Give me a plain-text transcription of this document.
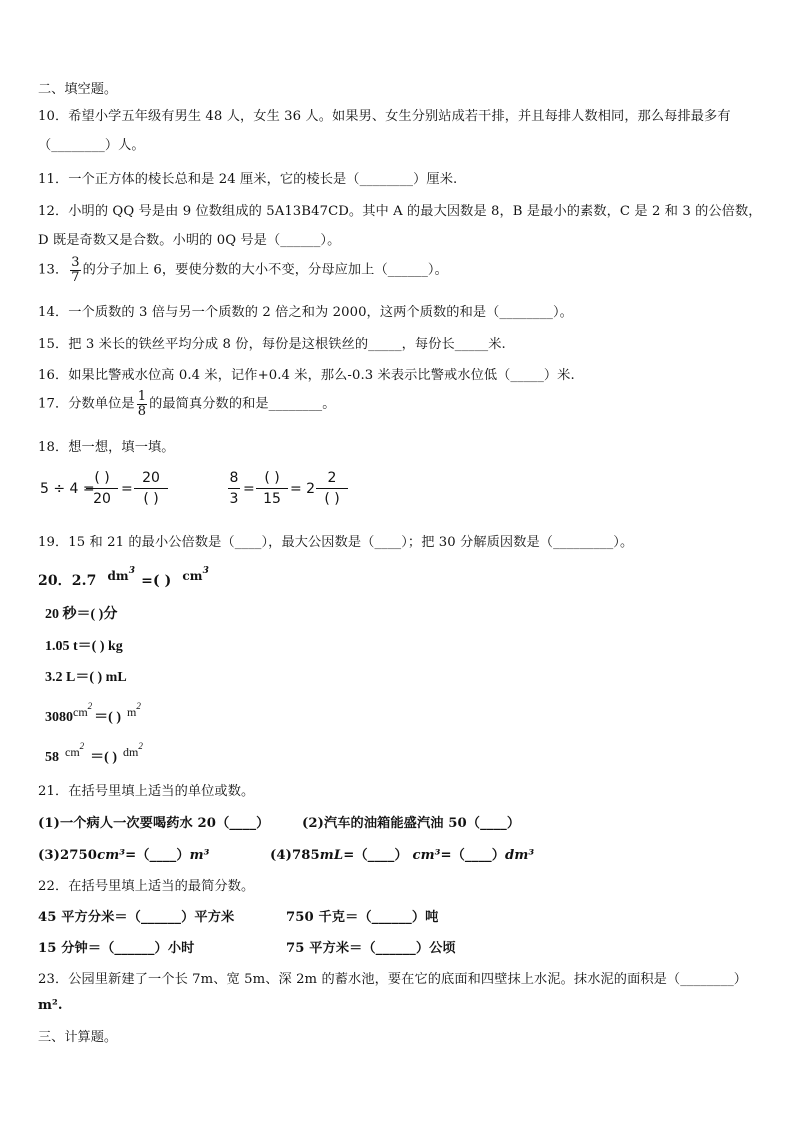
二、填空题。
10．希望小学五年级有男生 48 人，女生 36 人。如果男、女生分别站成若干排，并且每排人数相同，那么每排最多有
（________）人。
11．一个正方体的棱长总和是 24 厘米，它的棱长是（________）厘米.
12．小明的 QQ 号是由 9 位数组成的 5A13B47CD。其中 A 的最大因数是 8，B 是最小的素数，C 是 2 和 3 的公倍数，
D 既是奇数又是合数。小明的 0Q 号是（______）。
13． $\frac{3}{7}$ 的分子加上 6，要使分数的大小不变，分母应加上（______）。
14．一个质数的 3 倍与另一个质数的 2 倍之和为 2000，这两个质数的和是（________）。
15．把 3 米长的铁丝平均分成 8 份，每份是这根铁丝的_____，每份长_____米.
16．如果比警戒水位高 0.4 米，记作+0.4 米，那么-0.3 米表示比警戒水位低（_____）米.
17．分数单位是 $\frac{1}{8}$ 的最简真分数的和是________。
18．想一想，填一填。
5 ÷ 4 =
( )
20
=
20
( )	$\frac{8}{3}$ =
( )
15
= 2
2
( )
19．15 和 21 的最小公倍数是（____），最大公因数是（____）；把 30 分解质因数是（_________）。
20．2.7 $dm^3=$( ) $cm^3$
20 秒＝( )分
1.05 t＝( ) kg
3.2 L＝( ) mL
$3080cm^2=$( ) $m^2$
58 $cm^2=$( ) $dm^2$
21．在括号里填上适当的单位或数。
(1)一个病人一次要喝药水 20（____） (2)汽车的油箱能盛汽油 50（____）
(3)2750cm³=（____）m³	(4)785mL=（____） cm³=（____）dm³
22．在括号里填上适当的最简分数。
45 平方分米＝（______）平方米	750 千克＝（______）吨
15 分钟＝（______）小时	75 平方米＝（______）公顷
23．公园里新建了一个长 7m、宽 5m、深 2m 的蓄水池，要在它的底面和四壁抹上水泥。抹水泥的面积是（________）
m².
三、计算题。
